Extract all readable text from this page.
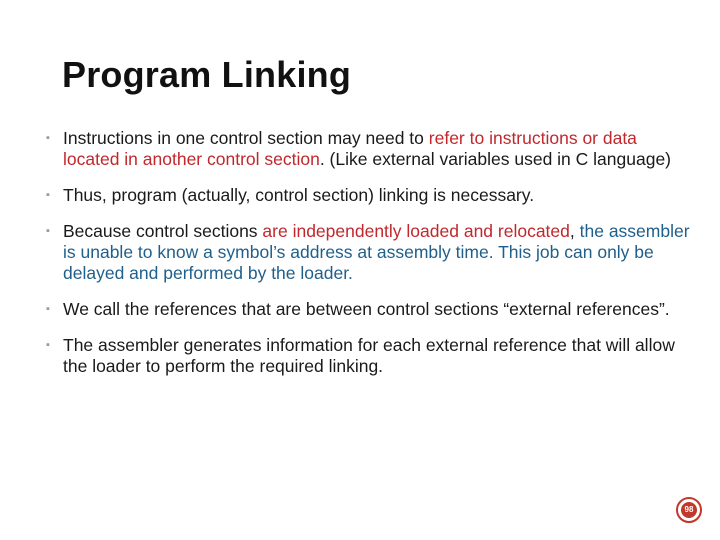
Program Linking
▪ Instructions in one control section may need to refer to instructions or data located in another control section. (Like external variables used in C language)
▪ Thus, program (actually, control section) linking is necessary.
▪ Because control sections are independently loaded and relocated, the assembler is unable to know a symbol’s address at assembly time. This job can only be delayed and performed by the loader.
▪ We call the references that are between control sections “external references”.
▪ The assembler generates information for each external reference that will allow the loader to perform the required linking.
98
